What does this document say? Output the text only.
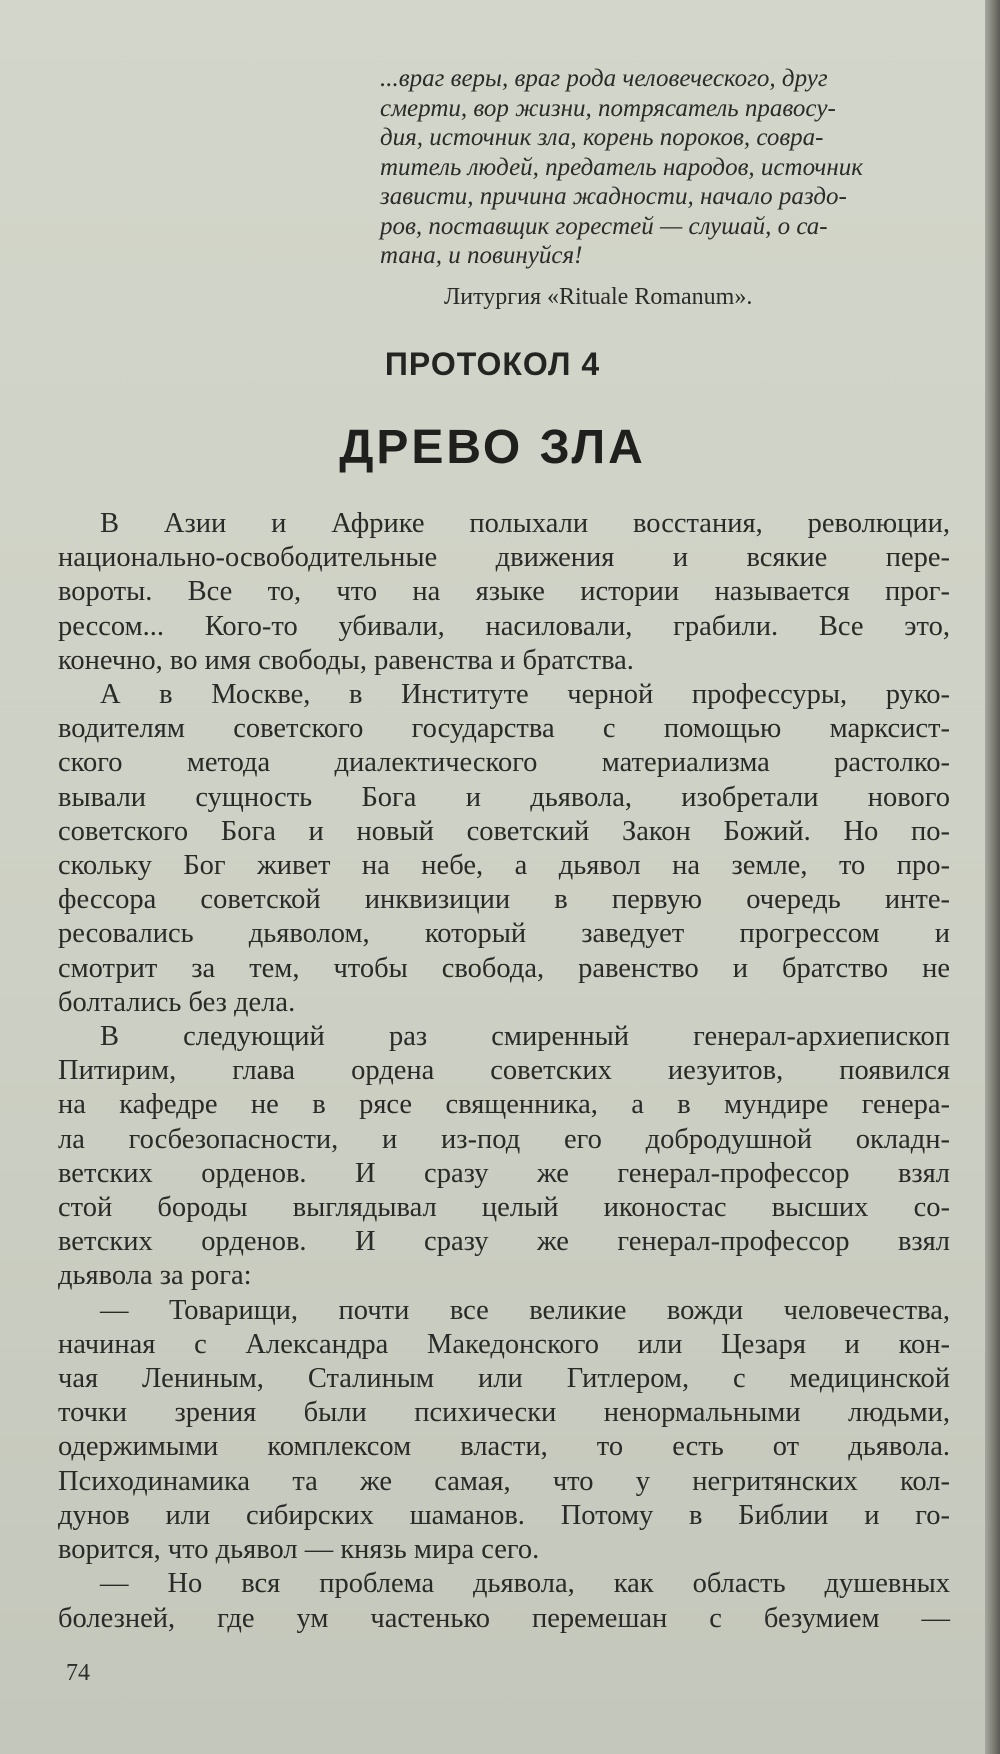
...враг веры, враг рода человеческого, друг
смерти, вор жизни, потрясатель правосу-
дия, источник зла, корень пороков, совра-
титель людей, предатель народов, источник
зависти, причина жадности, начало раздо-
ров, поставщик горестей — слушай, о са-
тана, и повинуйся!
Литургия «Rituale Romanum».
ПРОТОКОЛ 4
ДРЕВО ЗЛА
В Азии и Африке полыхали восстания, революции,
национально-освободительные движения и всякие пере-
вороты. Все то, что на языке истории называется прог-
рессом... Кого-то убивали, насиловали, грабили. Все это,
конечно, во имя свободы, равенства и братства.
А в Москве, в Институте черной профессуры, руко-
водителям советского государства с помощью марксист-
ского метода диалектического материализма растолко-
вывали сущность Бога и дьявола, изобретали нового
советского Бога и новый советский Закон Божий. Но по-
скольку Бог живет на небе, а дьявол на земле, то про-
фессора советской инквизиции в первую очередь инте-
ресовались дьяволом, который заведует прогрессом и
смотрит за тем, чтобы свобода, равенство и братство не
болтались без дела.
В следующий раз смиренный генерал-архиепископ
Питирим, глава ордена советских иезуитов, появился
на кафедре не в рясе священника, а в мундире генера-
ла госбезопасности, и из-под его добродушной окладн-
ветских орденов. И сразу же генерал-профессор взял
стой бороды выглядывал целый иконостас высших со-
ветских орденов. И сразу же генерал-профессор взял
дьявола за рога:
— Товарищи, почти все великие вожди человечества,
начиная с Александра Македонского или Цезаря и кон-
чая Лениным, Сталиным или Гитлером, с медицинской
точки зрения были психически ненормальными людьми,
одержимыми комплексом власти, то есть от дьявола.
Психодинамика та же самая, что у негритянских кол-
дунов или сибирских шаманов. Потому в Библии и го-
ворится, что дьявол — князь мира сего.
— Но вся проблема дьявола, как область душевных
болезней, где ум частенько перемешан с безумием —
74
